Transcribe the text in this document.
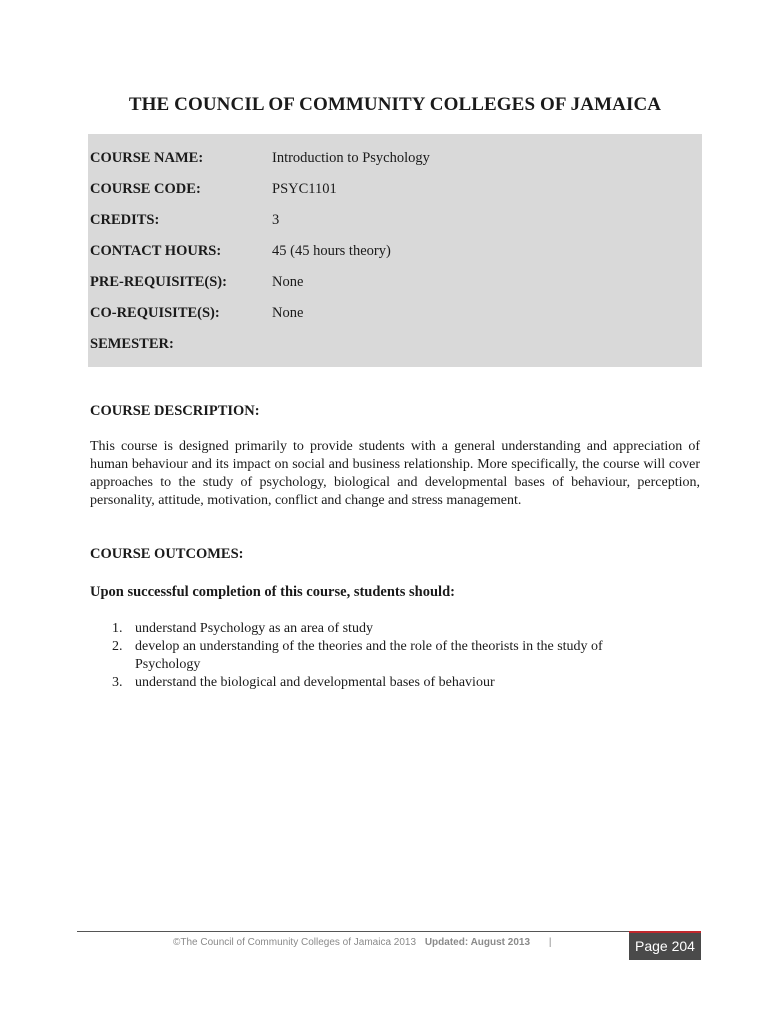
THE COUNCIL OF COMMUNITY COLLEGES OF JAMAICA
COURSE NAME:	Introduction to Psychology
COURSE CODE:	PSYC1101
CREDITS:	3
CONTACT HOURS:	45 (45 hours theory)
PRE-REQUISITE(S):	None
CO-REQUISITE(S):	None
SEMESTER:
COURSE DESCRIPTION:
This course is designed primarily to provide students with a general understanding and appreciation of human behaviour and its impact on social and business relationship. More specifically, the course will cover approaches to the study of psychology, biological and developmental bases of behaviour, perception, personality, attitude, motivation, conflict and change and stress management.
COURSE OUTCOMES:
Upon successful completion of this course, students should:
1. understand Psychology as an area of study
2. develop an understanding of the theories and the role of the theorists in the study of Psychology
3. understand the biological and developmental bases of behaviour
©The Council of Community Colleges of Jamaica 2013 Updated: August 2013 |	Page 204
